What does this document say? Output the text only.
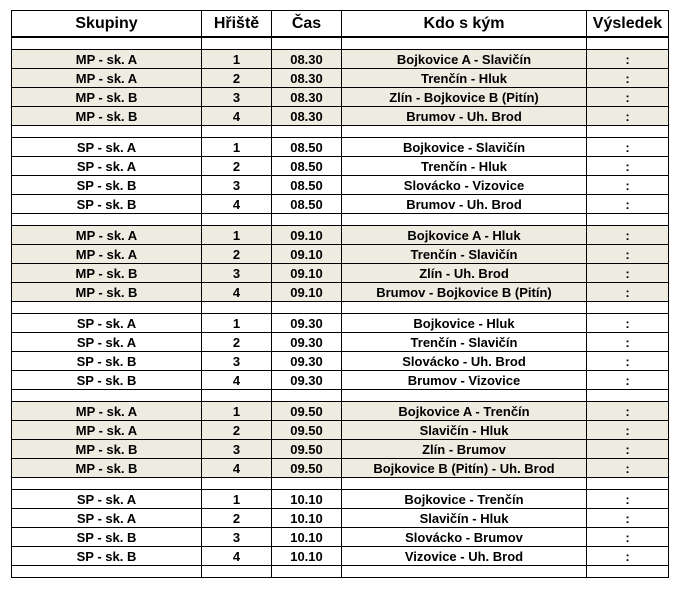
Skupiny	Hřiště	Čas	Kdo s kým	Výsledek

MP - sk. A	1	08.30	Bojkovice A - Slavičín	:
MP - sk. A	2	08.30	Trenčín - Hluk	:
MP - sk. B	3	08.30	Zlín - Bojkovice B (Pitín)	:
MP - sk. B	4	08.30	Brumov - Uh. Brod	:

SP - sk. A	1	08.50	Bojkovice - Slavičín	:
SP - sk. A	2	08.50	Trenčín - Hluk	:
SP - sk. B	3	08.50	Slovácko - Vizovice	:
SP - sk. B	4	08.50	Brumov - Uh. Brod	:

MP - sk. A	1	09.10	Bojkovice A - Hluk	:
MP - sk. A	2	09.10	Trenčín - Slavičín	:
MP - sk. B	3	09.10	Zlín - Uh. Brod	:
MP - sk. B	4	09.10	Brumov - Bojkovice B (Pitín)	:

SP - sk. A	1	09.30	Bojkovice - Hluk	:
SP - sk. A	2	09.30	Trenčín - Slavičín	:
SP - sk. B	3	09.30	Slovácko - Uh. Brod	:
SP - sk. B	4	09.30	Brumov - Vizovice	:

MP - sk. A	1	09.50	Bojkovice A - Trenčín	:
MP - sk. A	2	09.50	Slavičín - Hluk	:
MP - sk. B	3	09.50	Zlín - Brumov	:
MP - sk. B	4	09.50	Bojkovice B (Pitín) - Uh. Brod	:

SP - sk. A	1	10.10	Bojkovice - Trenčín	:
SP - sk. A	2	10.10	Slavičín - Hluk	:
SP - sk. B	3	10.10	Slovácko - Brumov	:
SP - sk. B	4	10.10	Vizovice - Uh. Brod	:
